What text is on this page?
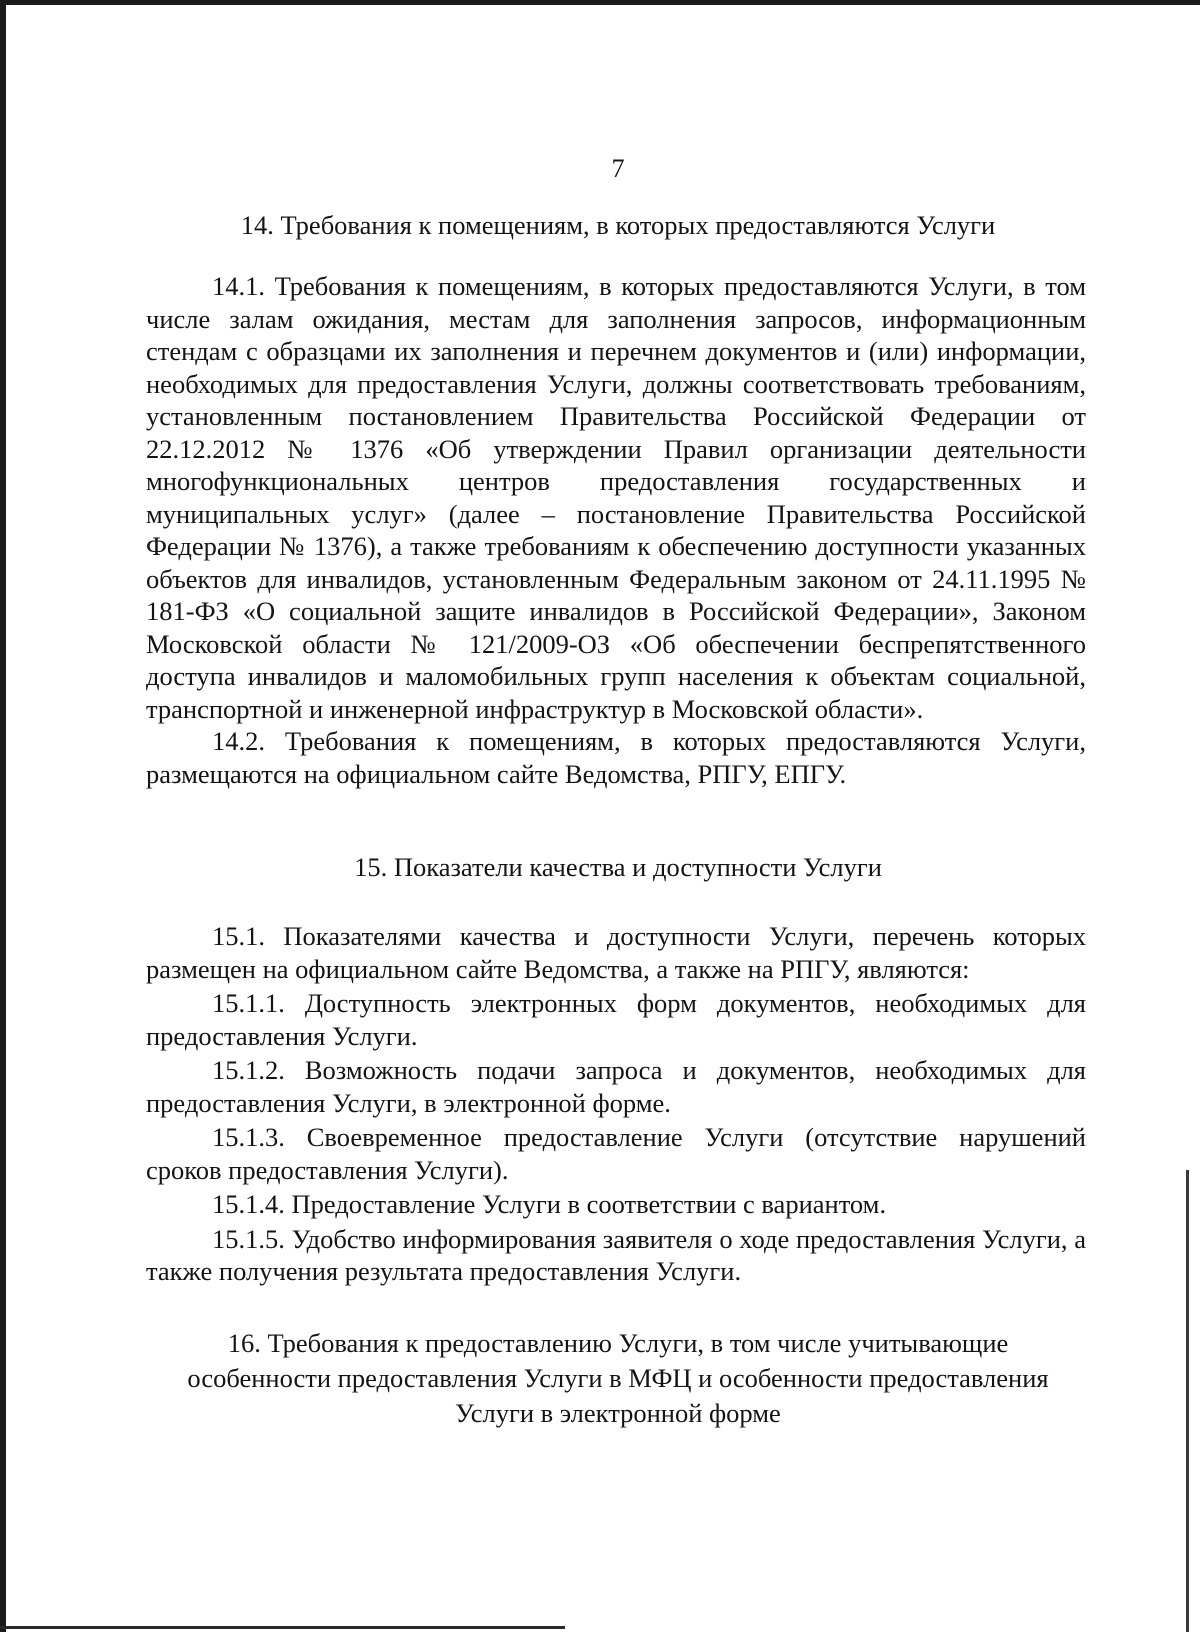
7
14. Требования к помещениям, в которых предоставляются Услуги

14.1. Требования к помещениям, в которых предоставляются Услуги, в том числе залам ожидания, местам для заполнения запросов, информационным стендам с образцами их заполнения и перечнем документов и (или) информации, необходимых для предоставления Услуги, должны соответствовать требованиям, установленным постановлением Правительства Российской Федерации от 22.12.2012 № 1376 «Об утверждении Правил организации деятельности многофункциональных центров предоставления государственных и муниципальных услуг» (далее – постановление Правительства Российской Федерации № 1376), а также требованиям к обеспечению доступности указанных объектов для инвалидов, установленным Федеральным законом от 24.11.1995 № 181-ФЗ «О социальной защите инвалидов в Российской Федерации», Законом Московской области № 121/2009-ОЗ «Об обеспечении беспрепятственного доступа инвалидов и маломобильных групп населения к объектам социальной, транспортной и инженерной инфраструктур в Московской области».

14.2. Требования к помещениям, в которых предоставляются Услуги, размещаются на официальном сайте Ведомства, РПГУ, ЕПГУ.

15. Показатели качества и доступности Услуги

15.1. Показателями качества и доступности Услуги, перечень которых размещен на официальном сайте Ведомства, а также на РПГУ, являются:

15.1.1. Доступность электронных форм документов, необходимых для предоставления Услуги.

15.1.2. Возможность подачи запроса и документов, необходимых для предоставления Услуги, в электронной форме.

15.1.3. Своевременное предоставление Услуги (отсутствие нарушений сроков предоставления Услуги).

15.1.4. Предоставление Услуги в соответствии с вариантом.

15.1.5. Удобство информирования заявителя о ходе предоставления Услуги, а также получения результата предоставления Услуги.

16. Требования к предоставлению Услуги, в том числе учитывающие
особенности предоставления Услуги в МФЦ и особенности предоставления
Услуги в электронной форме
